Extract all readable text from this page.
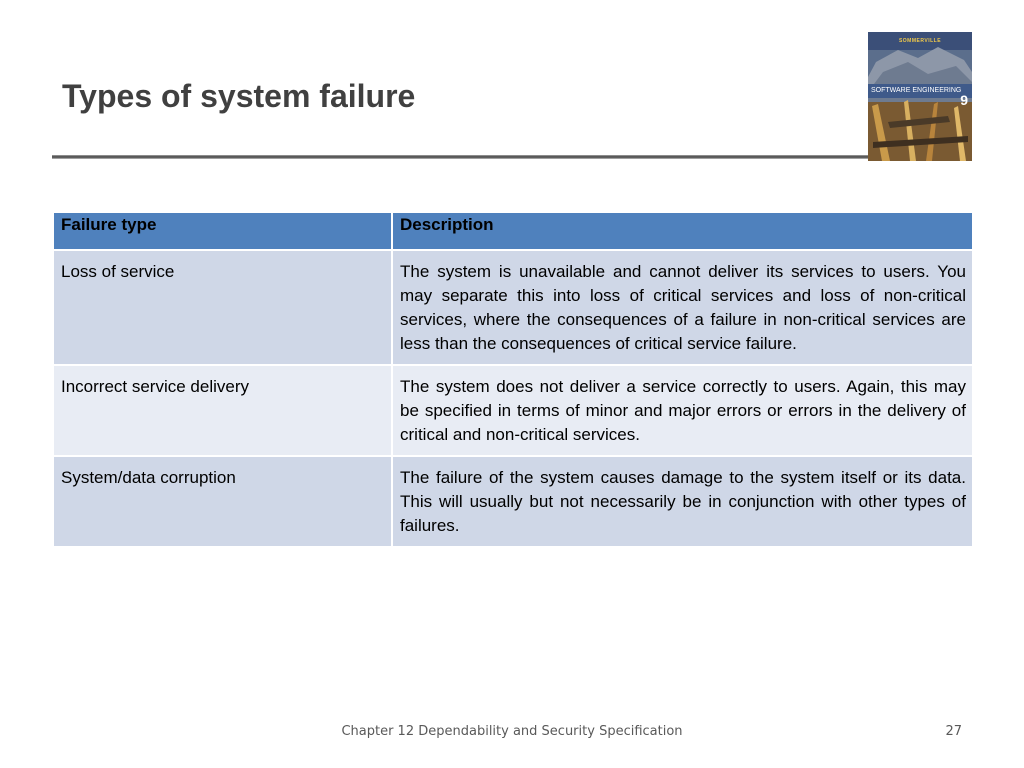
Types of system failure
SOMMERVILLE
SOFTWARE ENGINEERING
9
Failure type	Description
Loss of service	The system is unavailable and cannot deliver its services to users. You may separate this into loss of critical services and loss of non-critical services, where the consequences of a failure in non-critical services are less than the consequences of critical service failure.
Incorrect service delivery	The system does not deliver a service correctly to users. Again, this may be specified in terms of minor and major errors or errors in the delivery of critical and non-critical services.
System/data corruption	The failure of the system causes damage to the system itself or its data. This will usually but not necessarily be in conjunction with other types of failures.
Chapter 12 Dependability and Security Specification	27
